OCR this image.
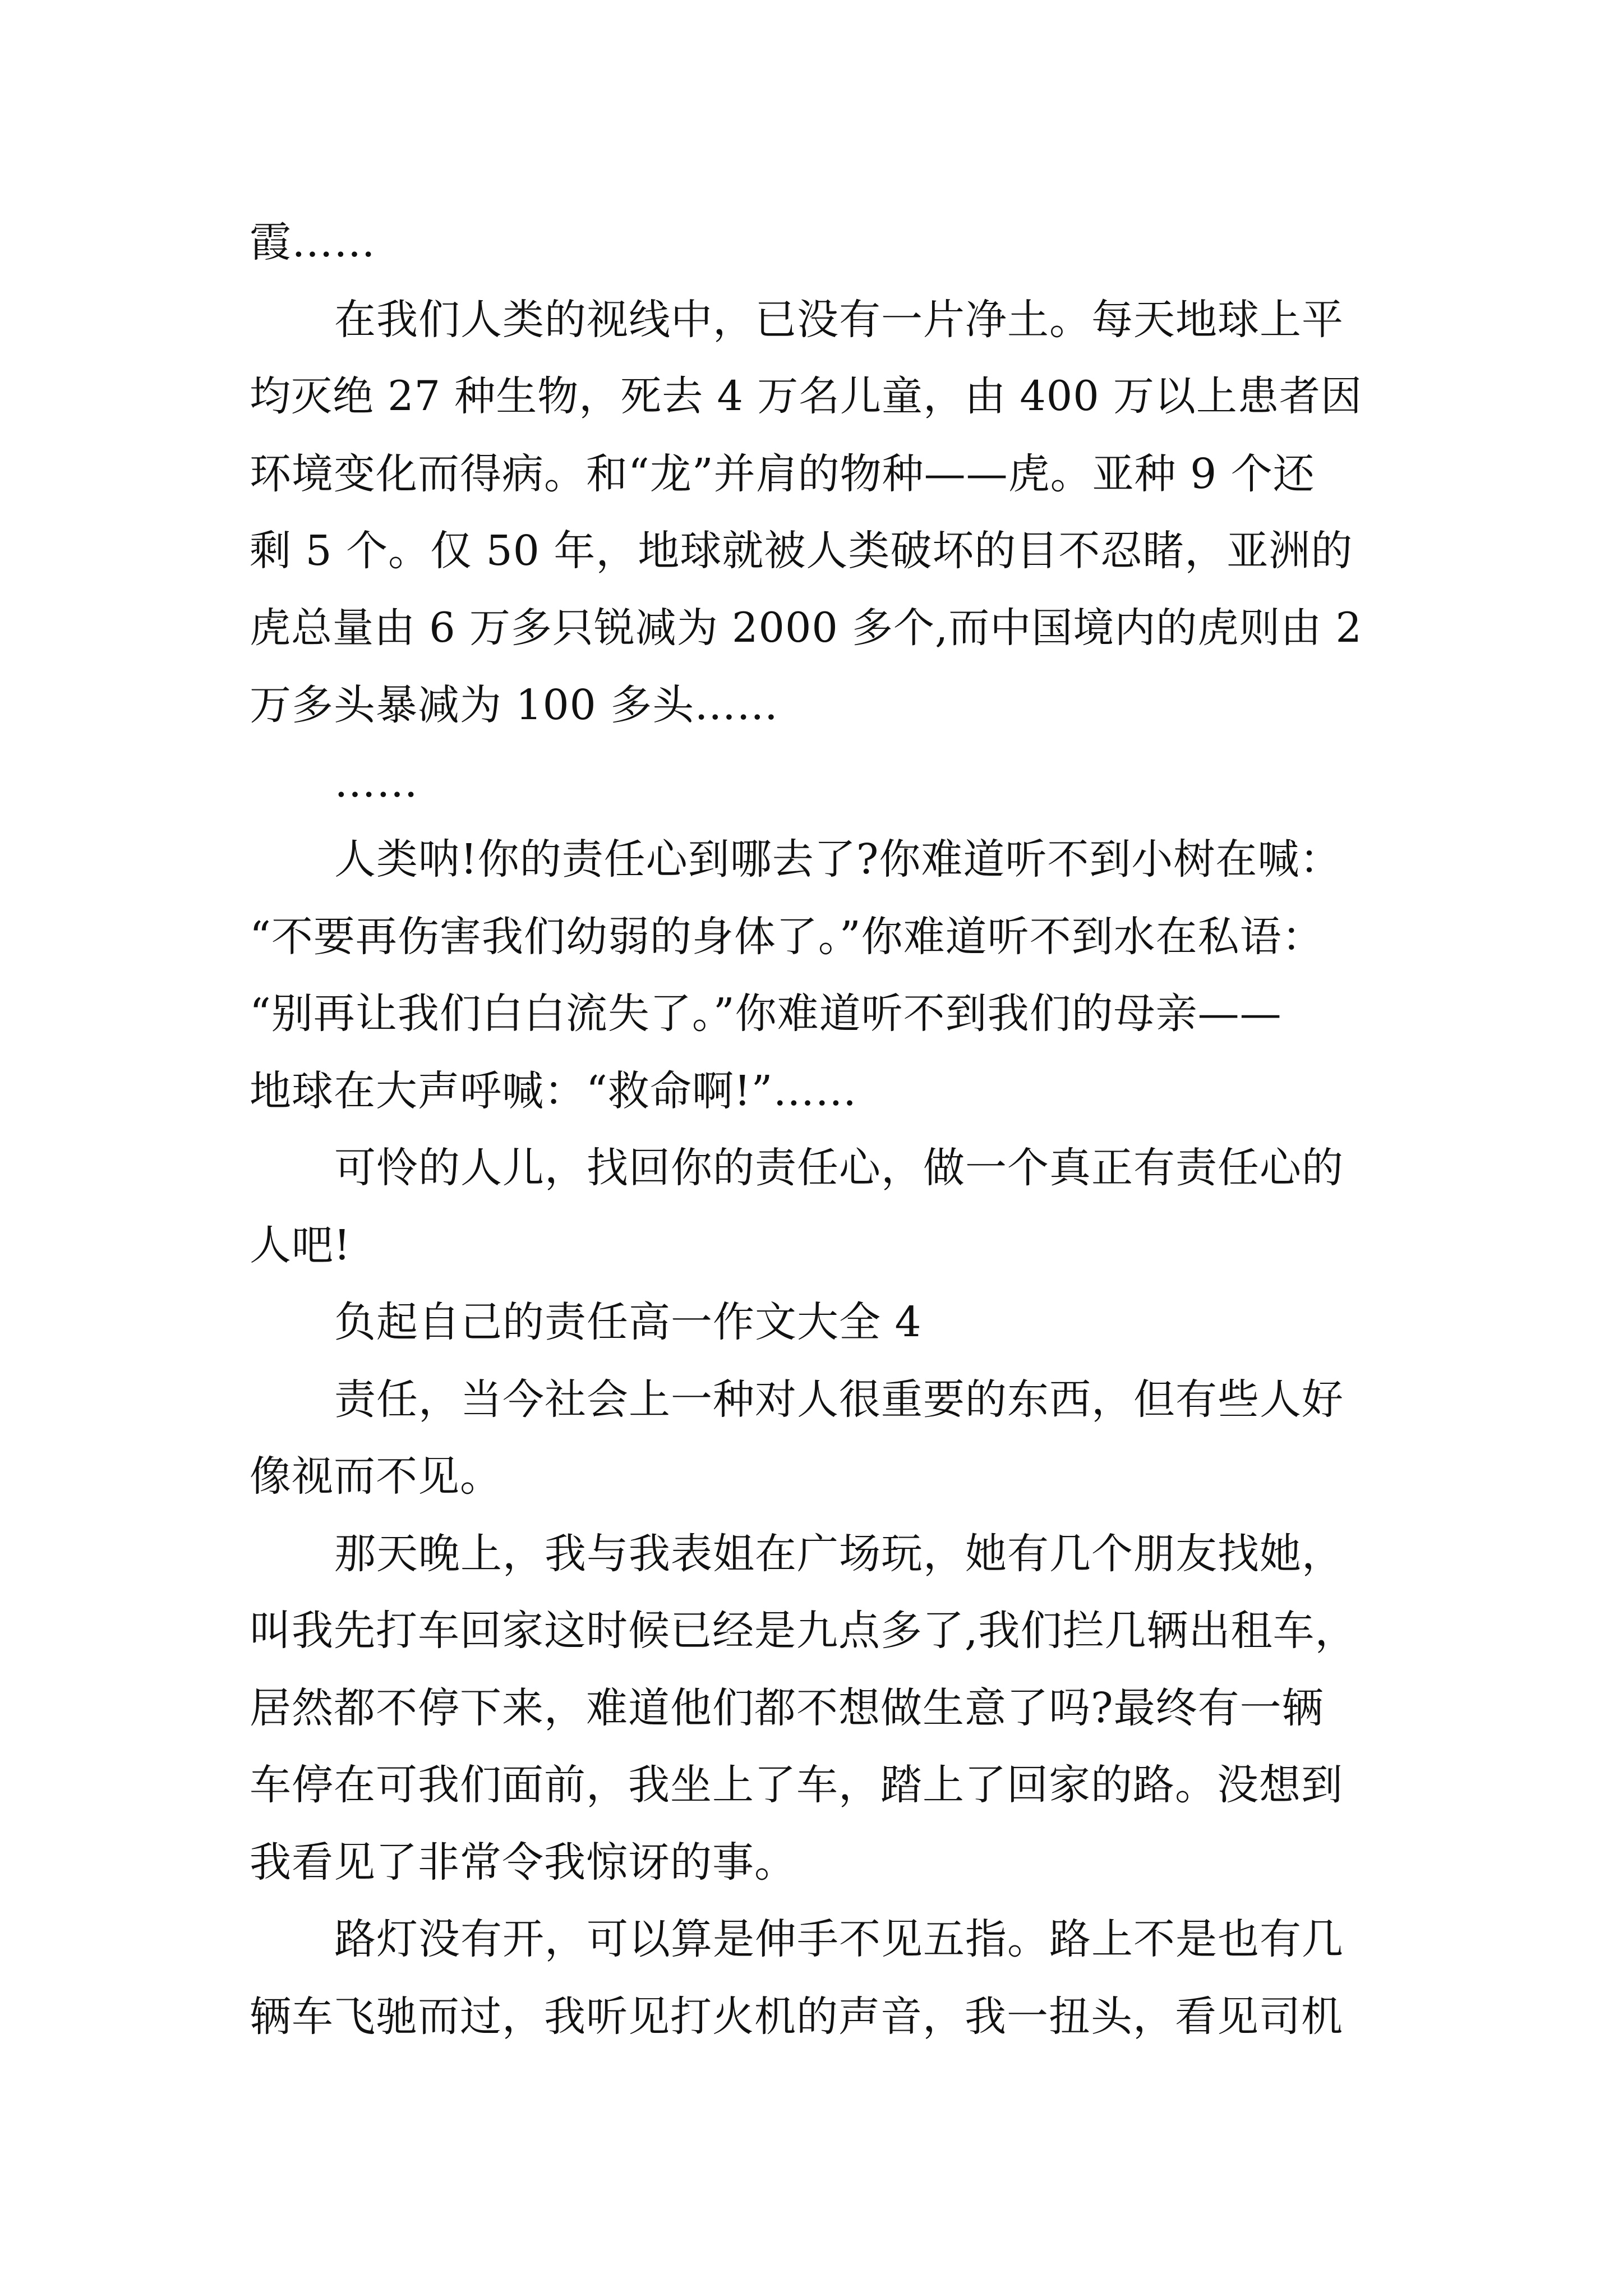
霞……

在我们人类的视线中，已没有一片净土。每天地球上平

均灭绝 27 种生物，死去 4 万名儿童，由 400 万以上患者因

环境变化而得病。和“龙”并肩的物种——虎。亚种 9 个还

剩 5 个。仅 50 年，地球就被人类破坏的目不忍睹，亚洲的

虎总量由 6 万多只锐减为 2000 多个,而中国境内的虎则由 2

万多头暴减为 100 多头……

……

人类呐!你的责任心到哪去了?你难道听不到小树在喊：

“不要再伤害我们幼弱的身体了。”你难道听不到水在私语：

“别再让我们白白流失了。”你难道听不到我们的母亲——

地球在大声呼喊：“救命啊!”……

可怜的人儿，找回你的责任心，做一个真正有责任心的

人吧!

负起自己的责任高一作文大全 4

责任，当今社会上一种对人很重要的东西，但有些人好

像视而不见。

那天晚上，我与我表姐在广场玩，她有几个朋友找她，

叫我先打车回家这时候已经是九点多了,我们拦几辆出租车，

居然都不停下来，难道他们都不想做生意了吗?最终有一辆

车停在可我们面前，我坐上了车，踏上了回家的路。没想到

我看见了非常令我惊讶的事。

路灯没有开，可以算是伸手不见五指。路上不是也有几

辆车飞驰而过，我听见打火机的声音，我一扭头，看见司机
